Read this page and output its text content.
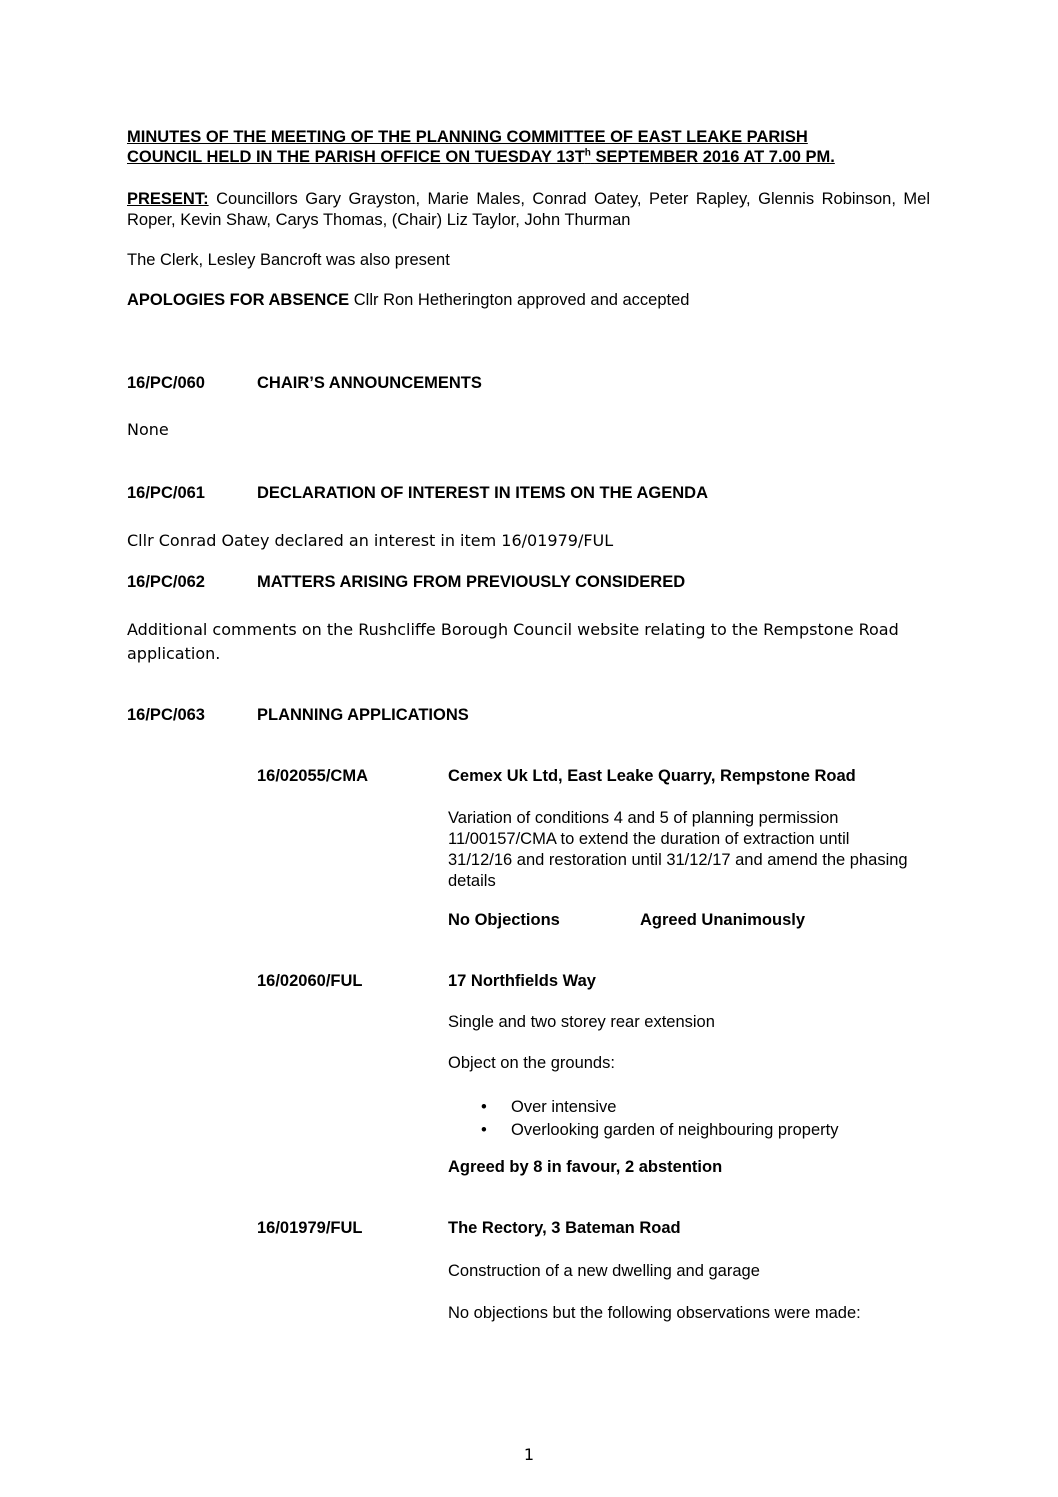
MINUTES OF THE MEETING OF THE PLANNING COMMITTEE OF EAST LEAKE PARISH
COUNCIL HELD IN THE PARISH OFFICE ON TUESDAY $13T^h$ SEPTEMBER 2016 AT 7.00 PM.
PRESENT: Councillors Gary Grayston, Marie Males, Conrad Oatey, Peter Rapley, Glennis Robinson, Mel Roper, Kevin Shaw, Carys Thomas, (Chair) Liz Taylor, John Thurman
The Clerk, Lesley Bancroft was also present
APOLOGIES FOR ABSENCE Cllr Ron Hetherington approved and accepted
16/PC/060	CHAIR’S ANNOUNCEMENTS
None
16/PC/061	DECLARATION OF INTEREST IN ITEMS ON THE AGENDA
Cllr Conrad Oatey declared an interest in item 16/01979/FUL
16/PC/062	MATTERS ARISING FROM PREVIOUSLY CONSIDERED
Additional comments on the Rushcliffe Borough Council website relating to the Rempstone Road application.
16/PC/063	PLANNING APPLICATIONS
16/02055/CMA	Cemex Uk Ltd, East Leake Quarry, Rempstone Road
Variation of conditions 4 and 5 of planning permission 11/00157/CMA to extend the duration of extraction until 31/12/16 and restoration until 31/12/17 and amend the phasing details
No Objections	Agreed Unanimously
16/02060/FUL	17 Northfields Way
Single and two storey rear extension
Object on the grounds:
• Over intensive
• Overlooking garden of neighbouring property
Agreed by 8 in favour, 2 abstention
16/01979/FUL	The Rectory, 3 Bateman Road
Construction of a new dwelling and garage
No objections but the following observations were made:
1
